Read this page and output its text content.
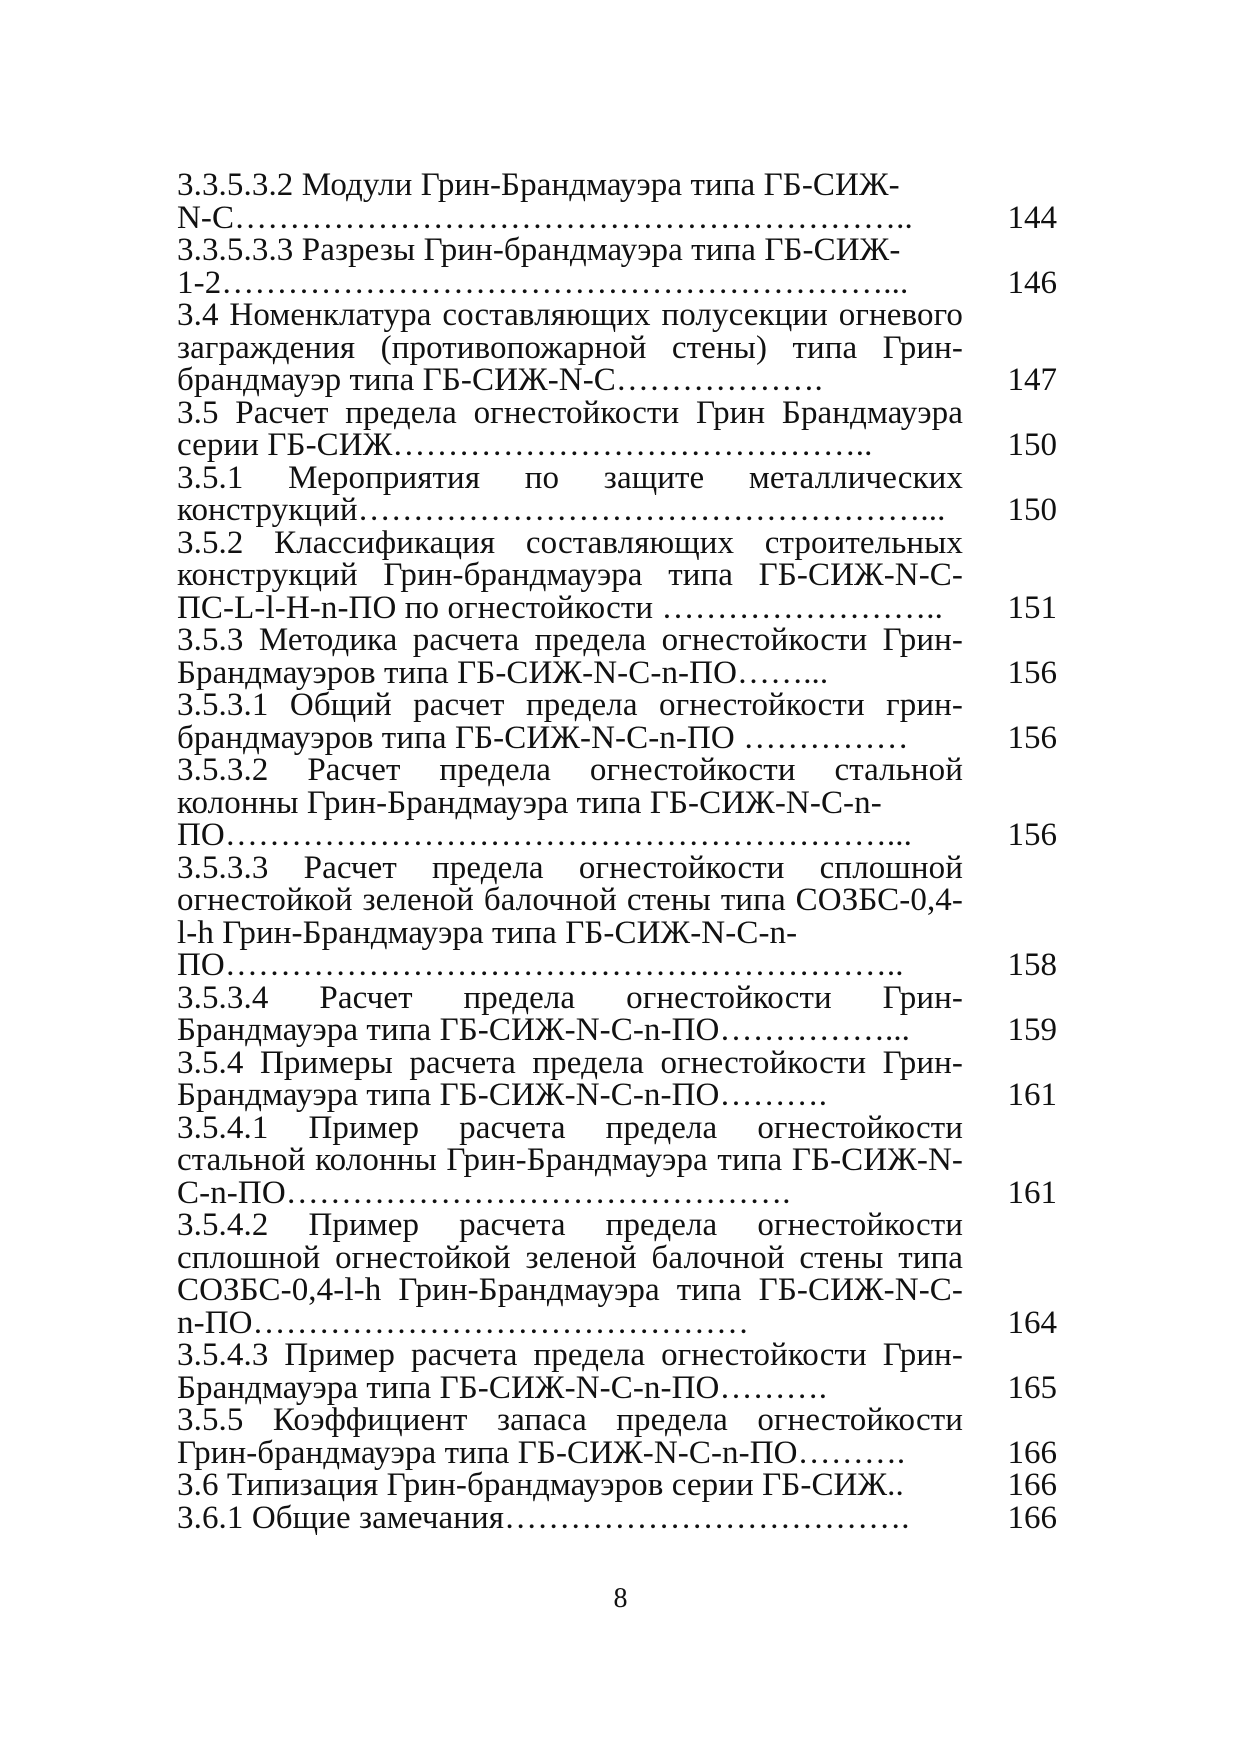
3.3.5.3.2 Модули Грин-Брандмауэра типа ГБ-СИЖ-
N-С……………………………………………………..	144
3.3.5.3.3 Разрезы Грин-брандмауэра типа ГБ-СИЖ-
1-2……………………………………………………...	146
3.4 Номенклатура составляющих полусекции огневого заграждения (противопожарной стены) типа Грин-брандмауэр типа ГБ-СИЖ-N-С……………….	147
3.5 Расчет предела огнестойкости Грин Брандмауэра серии ГБ-СИЖ……………………………………..	150
3.5.1 Мероприятия по защите металлических конструкций……………………………………………...	150
3.5.2 Классификация составляющих строительных конструкций Грин-брандмауэра типа ГБ-СИЖ-N-С-ПС-L-l-H-n-ПО по огнестойкости ……………………..	151
3.5.3 Методика расчета предела огнестойкости Грин-Брандмауэров типа ГБ-СИЖ-N-С-n-ПО……...	156
3.5.3.1 Общий расчет предела огнестойкости грин-брандмауэров типа ГБ-СИЖ-N-С-n-ПО ……………	156
3.5.3.2 Расчет предела огнестойкости стальной колонны Грин-Брандмауэра типа ГБ-СИЖ-N-С-n-
ПО……………………………………………………...	156
3.5.3.3 Расчет предела огнестойкости сплошной огнестойкой зеленой балочной стены типа СОЗБС-0,4-l-h Грин-Брандмауэра типа ГБ-СИЖ-N-С-n-
ПО……………………………………………………..	158
3.5.3.4 Расчет предела огнестойкости Грин-Брандмауэра типа ГБ-СИЖ-N-С-n-ПО……………...	159
3.5.4 Примеры расчета предела огнестойкости Грин-Брандмауэра типа ГБ-СИЖ-N-С-n-ПО……….	161
3.5.4.1 Пример расчета предела огнестойкости стальной колонны Грин-Брандмауэра типа ГБ-СИЖ-N-С-n-ПО……………………………………….	161
3.5.4.2 Пример расчета предела огнестойкости сплошной огнестойкой зеленой балочной стены типа СОЗБС-0,4-l-h Грин-Брандмауэра типа ГБ-СИЖ-N-С-n-ПО………………………………………	164
3.5.4.3 Пример расчета предела огнестойкости Грин-Брандмауэра типа ГБ-СИЖ-N-С-n-ПО……….	165
3.5.5 Коэффициент запаса предела огнестойкости Грин-брандмауэра типа ГБ-СИЖ-N-С-n-ПО……….	166
3.6 Типизация Грин-брандмауэров серии ГБ-СИЖ..	166
3.6.1 Общие замечания……………………………….	166
8
